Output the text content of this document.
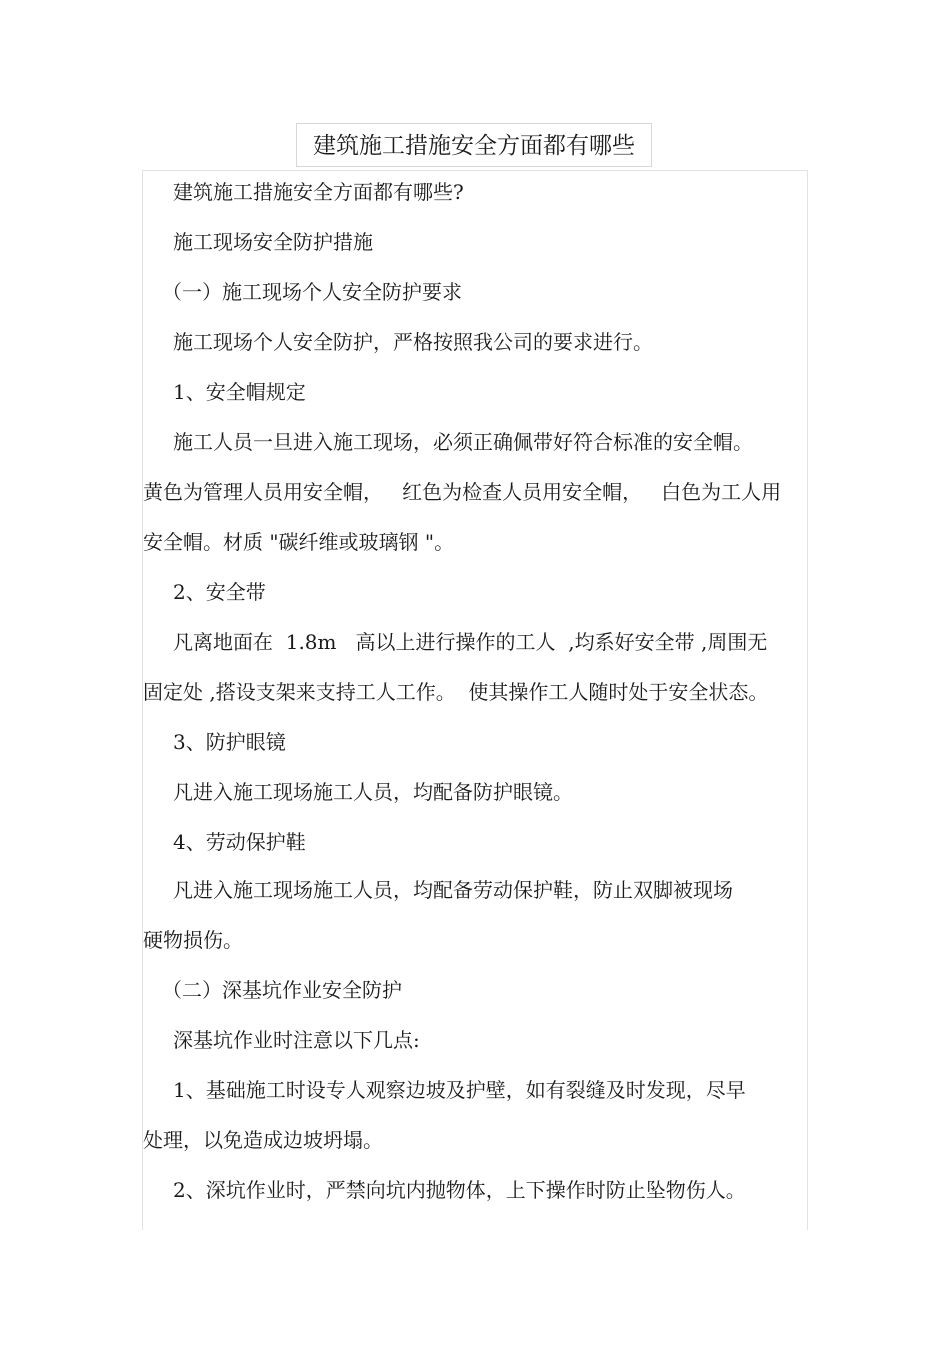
建筑施工措施安全方面都有哪些
建筑施工措施安全方面都有哪些?
施工现场安全防护措施
（一）施工现场个人安全防护要求
施工现场个人安全防护，严格按照我公司的要求进行。
1、安全帽规定
施工人员一旦进入施工现场，必须正确佩带好符合标准的安全帽。
黄色为管理人员用安全帽，   红色为检查人员用安全帽，   白色为工人用
安全帽。材质 "碳纤维或玻璃钢 "。
2、安全带
凡离地面在  1.8m   高以上进行操作的工人  ,均系好安全带 ,周围无
固定处 ,搭设支架来支持工人工作。  使其操作工人随时处于安全状态。
3、防护眼镜
凡进入施工现场施工人员，均配备防护眼镜。
4、劳动保护鞋
凡进入施工现场施工人员，均配备劳动保护鞋，防止双脚被现场
硬物损伤。
（二）深基坑作业安全防护
深基坑作业时注意以下几点:
1、基础施工时设专人观察边坡及护壁，如有裂缝及时发现，尽早
处理，以免造成边坡坍塌。
2、深坑作业时，严禁向坑内抛物体，上下操作时防止坠物伤人。
